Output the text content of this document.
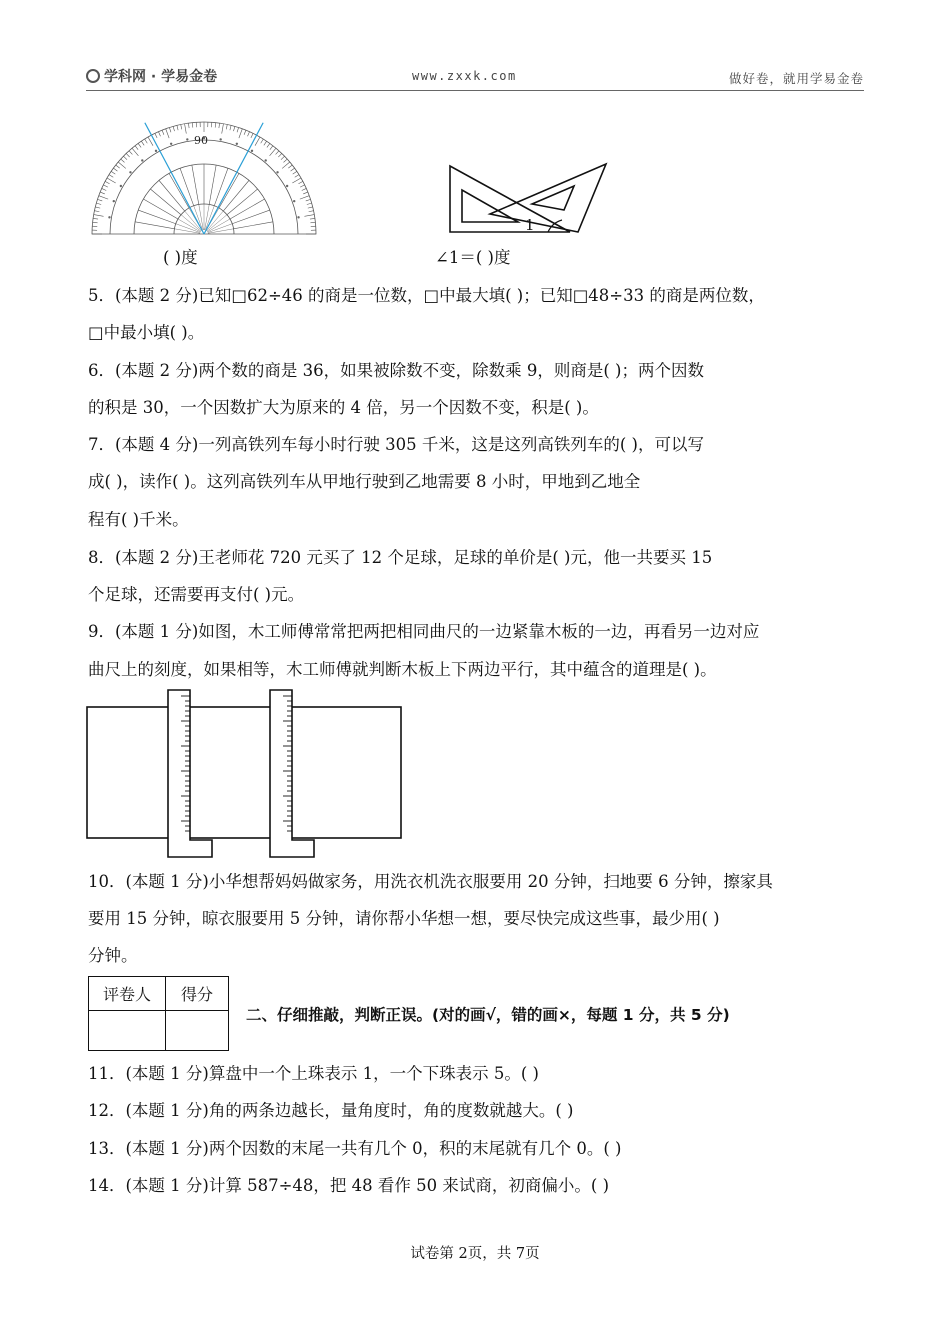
学科网 · 学易金卷	www.zxxk.com	做好卷，就用学易金卷
90
1
( )度	∠1＝( )度
5．(本题 2 分)已知□62÷46 的商是一位数，□中最大填( )；已知□48÷33 的商是两位数，
□中最小填( )。
6．(本题 2 分)两个数的商是 36，如果被除数不变，除数乘 9，则商是( )；两个因数
的积是 30，一个因数扩大为原来的 4 倍，另一个因数不变，积是( )。
7．(本题 4 分)一列高铁列车每小时行驶 305 千米，这是这列高铁列车的( )，可以写
成( )，读作( )。这列高铁列车从甲地行驶到乙地需要 8 小时，甲地到乙地全
程有( )千米。
8．(本题 2 分)王老师花 720 元买了 12 个足球，足球的单价是( )元，他一共要买 15
个足球，还需要再支付( )元。
9．(本题 1 分)如图，木工师傅常常把两把相同曲尺的一边紧靠木板的一边，再看另一边对应
曲尺上的刻度，如果相等，木工师傅就判断木板上下两边平行，其中蕴含的道理是( )。
10．(本题 1 分)小华想帮妈妈做家务，用洗衣机洗衣服要用 20 分钟，扫地要 6 分钟，擦家具
要用 15 分钟，晾衣服要用 5 分钟，请你帮小华想一想，要尽快完成这些事，最少用( )
分钟。
评卷人	得分

二、仔细推敲，判断正误。(对的画√，错的画×，每题 1 分，共 5 分)
11．(本题 1 分)算盘中一个上珠表示 1，一个下珠表示 5。( )
12．(本题 1 分)角的两条边越长，量角度时，角的度数就越大。( )
13．(本题 1 分)两个因数的末尾一共有几个 0，积的末尾就有几个 0。( )
14．(本题 1 分)计算 587÷48，把 48 看作 50 来试商，初商偏小。( )
试卷第 2页，共 7页
